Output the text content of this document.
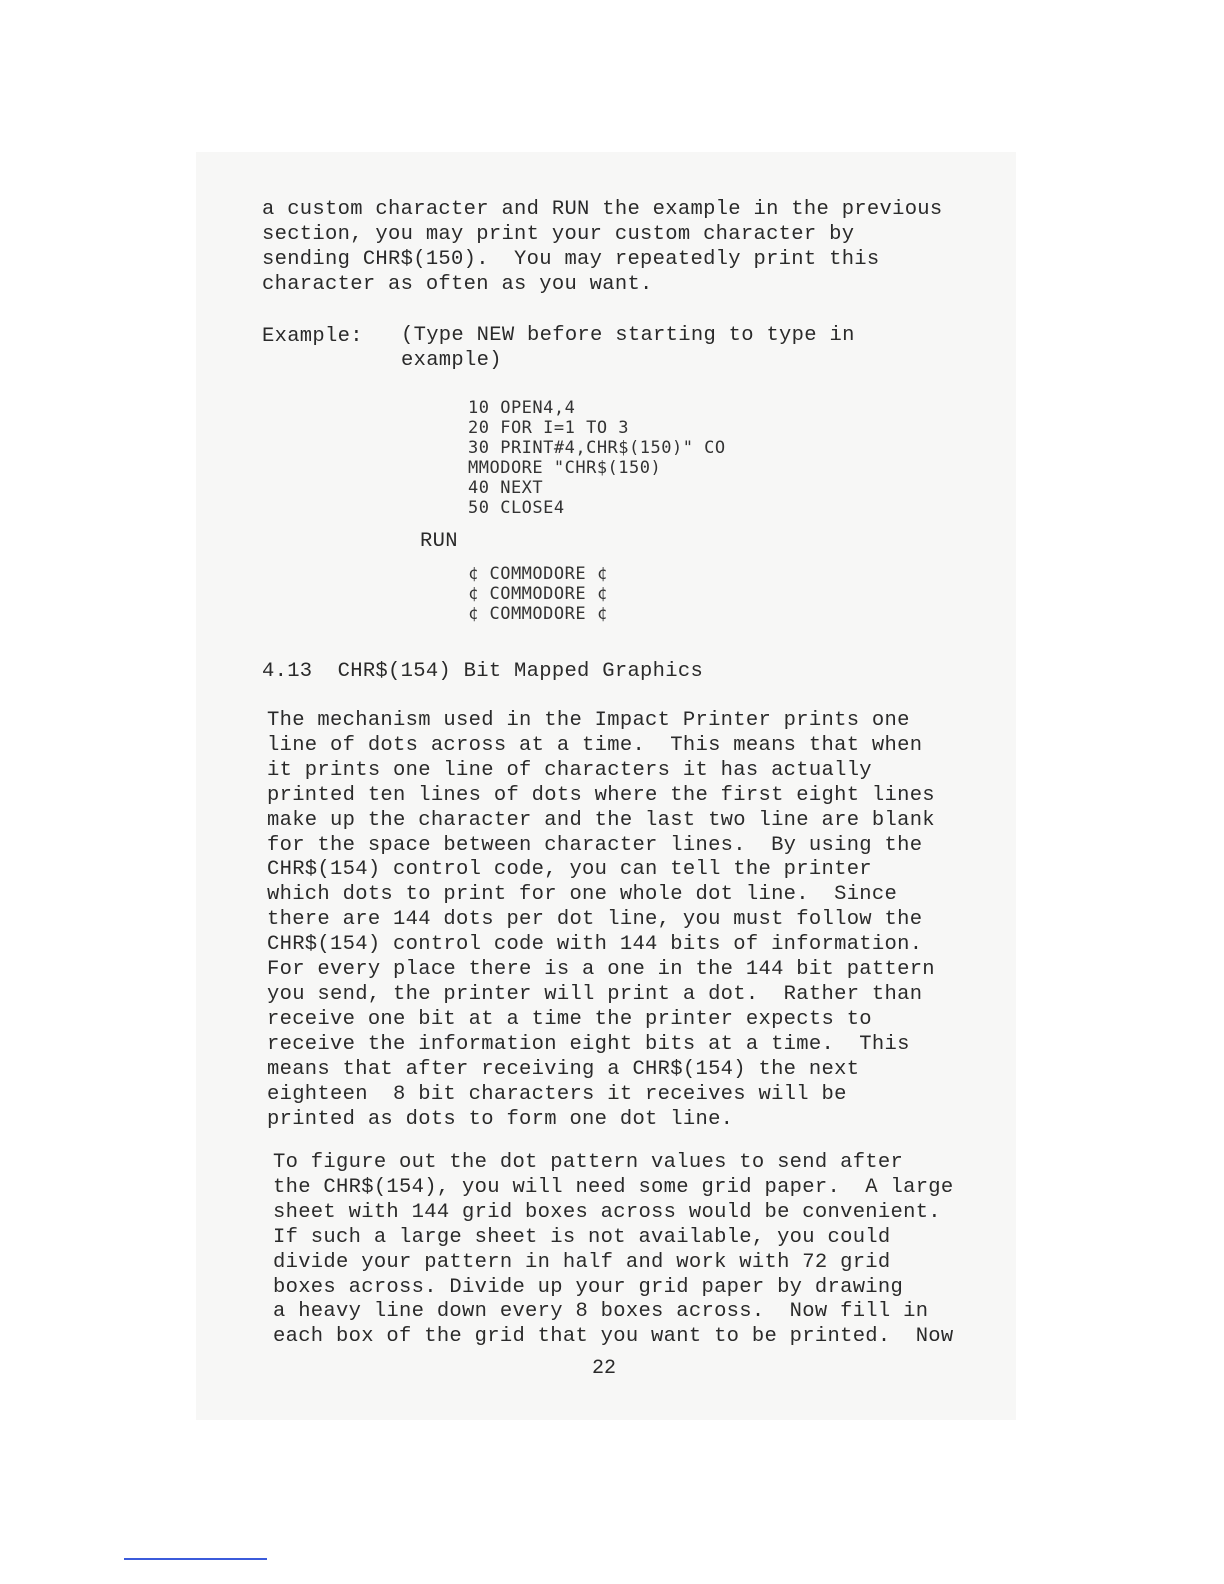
a custom character and RUN the example in the previous
section, you may print your custom character by
sending CHR$(150).  You may repeatedly print this
character as often as you want.
Example: (Type NEW before starting to type in
example)
10 OPEN4,4
20 FOR I=1 TO 3
30 PRINT#4,CHR$(150)" CO
MMODORE "CHR$(150)
40 NEXT
50 CLOSE4
RUN
¢ COMMODORE ¢
¢ COMMODORE ¢
¢ COMMODORE ¢
4.13  CHR$(154) Bit Mapped Graphics
The mechanism used in the Impact Printer prints one
line of dots across at a time.  This means that when
it prints one line of characters it has actually
printed ten lines of dots where the first eight lines
make up the character and the last two line are blank
for the space between character lines.  By using the
CHR$(154) control code, you can tell the printer
which dots to print for one whole dot line.  Since
there are 144 dots per dot line, you must follow the
CHR$(154) control code with 144 bits of information.
For every place there is a one in the 144 bit pattern
you send, the printer will print a dot.  Rather than
receive one bit at a time the printer expects to
receive the information eight bits at a time.  This
means that after receiving a CHR$(154) the next
eighteen  8 bit characters it receives will be
printed as dots to form one dot line.
To figure out the dot pattern values to send after
the CHR$(154), you will need some grid paper.  A large
sheet with 144 grid boxes across would be convenient.
If such a large sheet is not available, you could
divide your pattern in half and work with 72 grid
boxes across. Divide up your grid paper by drawing
a heavy line down every 8 boxes across.  Now fill in
each box of the grid that you want to be printed.  Now
22
